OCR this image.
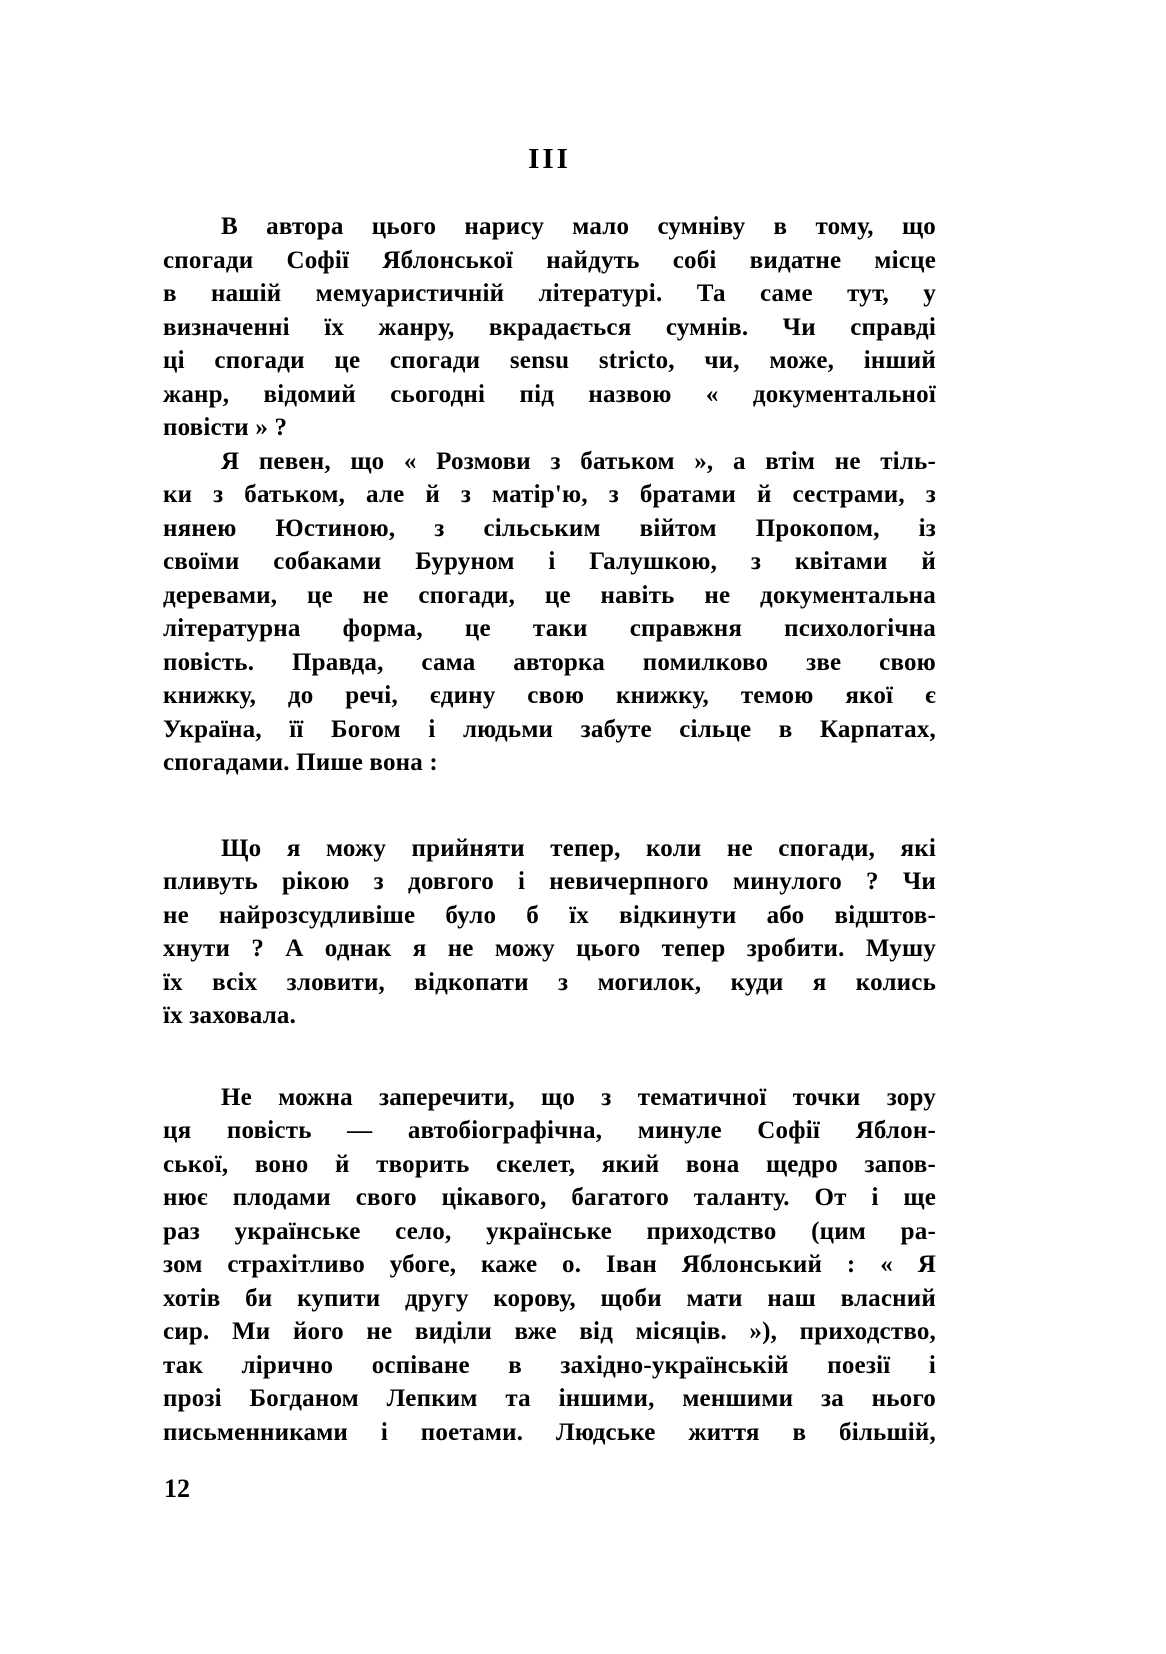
III
В автора цього нарису мало сумніву в тому, що
спогади Софії Яблонської найдуть собі видатне місце
в нашій мемуаристичній літературі. Та саме тут, у
визначенні їх жанру, вкрадається сумнів. Чи справді
ці спогади це спогади sensu stricto, чи, може, інший
жанр, відомий сьогодні під назвою « документальної
повісти » ?
Я певен, що « Розмови з батьком », а втім не тіль-
ки з батьком, але й з матір'ю, з братами й сестрами, з
нянею Юстиною, з сільським війтом Прокопом, із
своїми собаками Буруном і Галушкою, з квітами й
деревами, це не спогади, це навіть не документальна
літературна форма, це таки справжня психологічна
повість. Правда, сама авторка помилково зве свою
книжку, до речі, єдину свою книжку, темою якої є
Україна, її Богом і людьми забуте сільце в Карпатах,
спогадами. Пише вона :
Що я можу прийняти тепер, коли не спогади, які
пливуть рікою з довгого і невичерпного минулого ? Чи
не найрозсудливіше було б їх відкинути або відштов-
хнути ? А однак я не можу цього тепер зробити. Мушу
їх всіх зловити, відкопати з могилок, куди я колись
їх заховала.
Не можна заперечити, що з тематичної точки зору
ця повість — автобіографічна, минуле Софії Яблон-
ської, воно й творить скелет, який вона щедро запов-
нює плодами свого цікавого, багатого таланту. От і ще
раз українське село, українське приходство (цим ра-
зом страхітливо убоге, каже о. Іван Яблонський : « Я
хотів би купити другу корову, щоби мати наш власний
сир. Ми його не виділи вже від місяців. »), приходство,
так лірично оспіване в західно-українській поезії і
прозі Богданом Лепким та іншими, меншими за нього
письменниками і поетами. Людське життя в більшій,
12
